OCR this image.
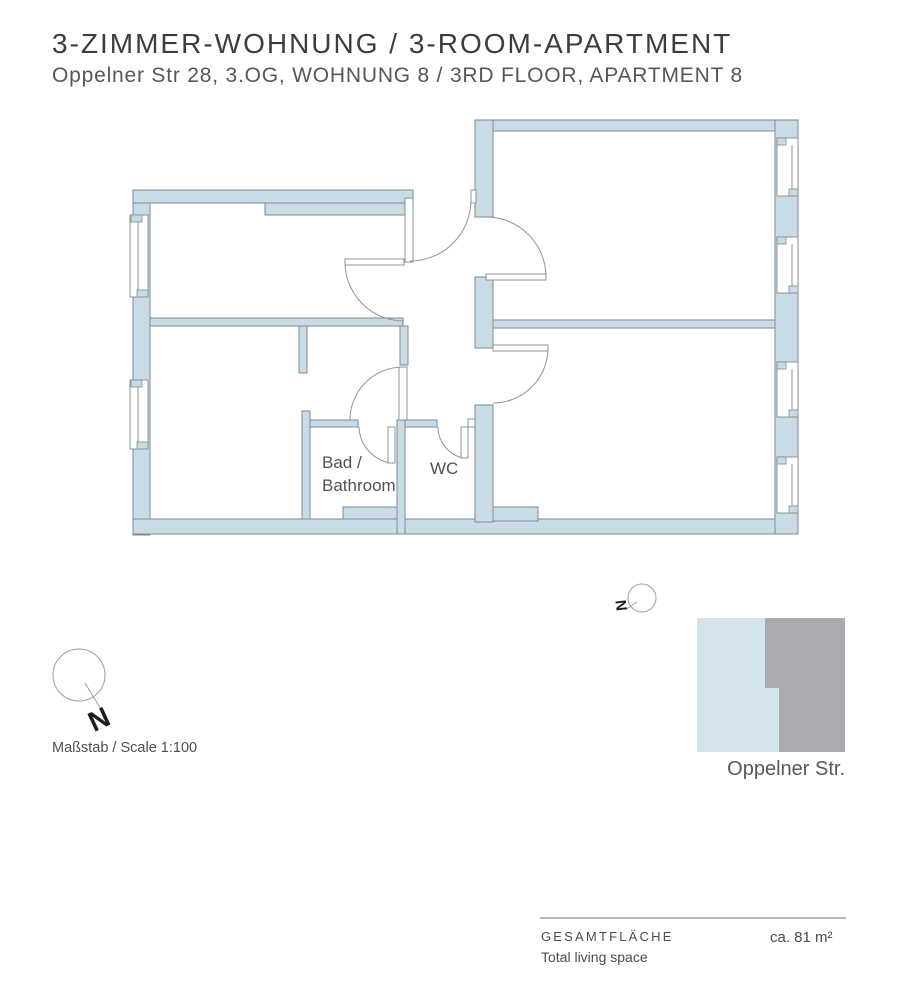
3-ZIMMER-WOHNUNG / 3-ROOM-APARTMENT
Oppelner Str 28, 3.OG, WOHNUNG 8 / 3RD FLOOR, APARTMENT 8
Bad /
Bathroom
WC
N
N
Maßstab / Scale 1:100
Oppelner Str.
GESAMTFLÄCHE
Total living space
ca. 81 m²
